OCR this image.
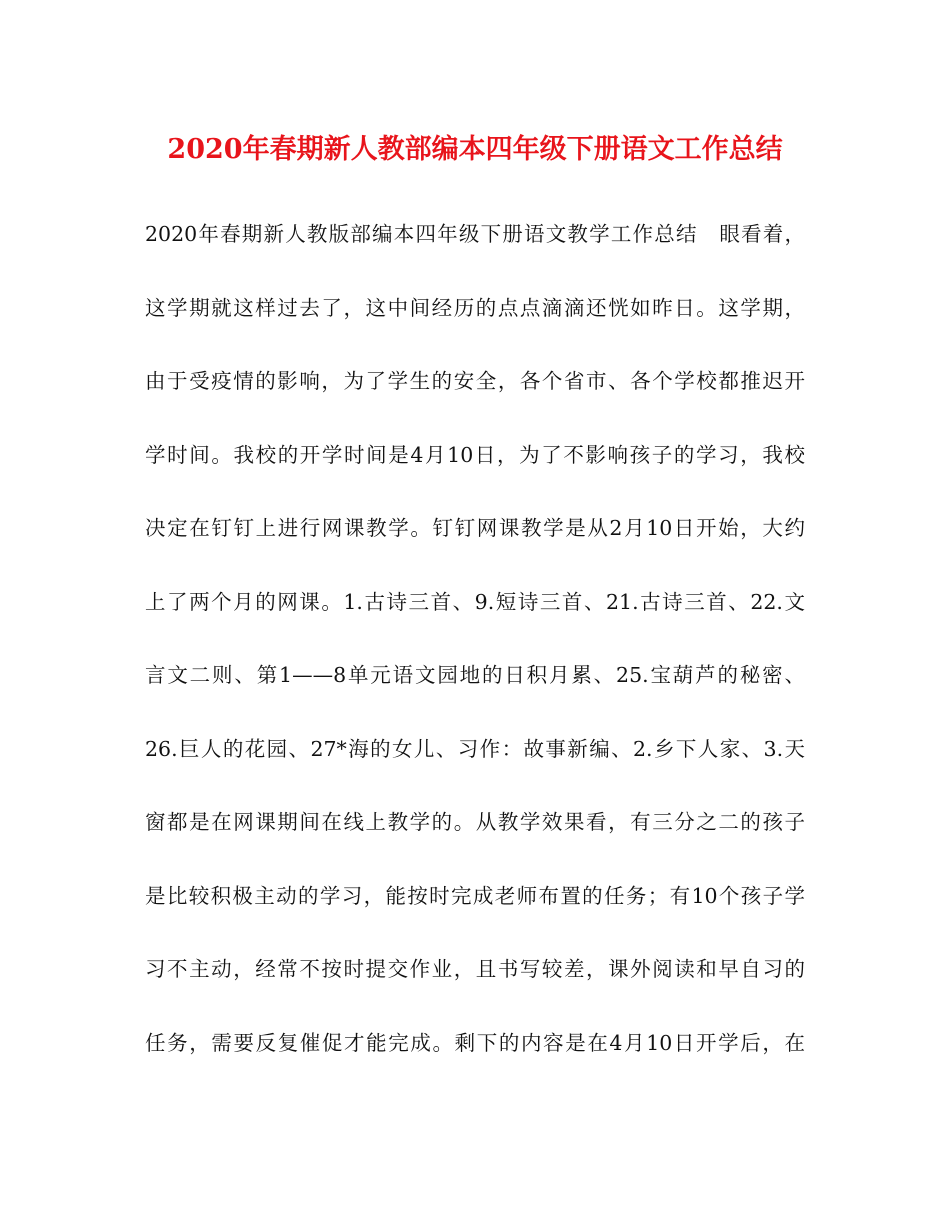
2020年春期新人教部编本四年级下册语文工作总结
2020年春期新人教版部编本四年级下册语文教学工作总结　眼看着，
这学期就这样过去了，这中间经历的点点滴滴还恍如昨日。这学期，
由于受疫情的影响，为了学生的安全，各个省市、各个学校都推迟开
学时间。我校的开学时间是4月10日，为了不影响孩子的学习，我校
决定在钉钉上进行网课教学。钉钉网课教学是从2月10日开始，大约
上了两个月的网课。1.古诗三首、9.短诗三首、21.古诗三首、22.文
言文二则、第1——8单元语文园地的日积月累、25.宝葫芦的秘密、
26.巨人的花园、27*海的女儿、习作：故事新编、2.乡下人家、3.天
窗都是在网课期间在线上教学的。从教学效果看，有三分之二的孩子
是比较积极主动的学习，能按时完成老师布置的任务；有10个孩子学
习不主动，经常不按时提交作业，且书写较差，课外阅读和早自习的
任务，需要反复催促才能完成。剩下的内容是在4月10日开学后，在
